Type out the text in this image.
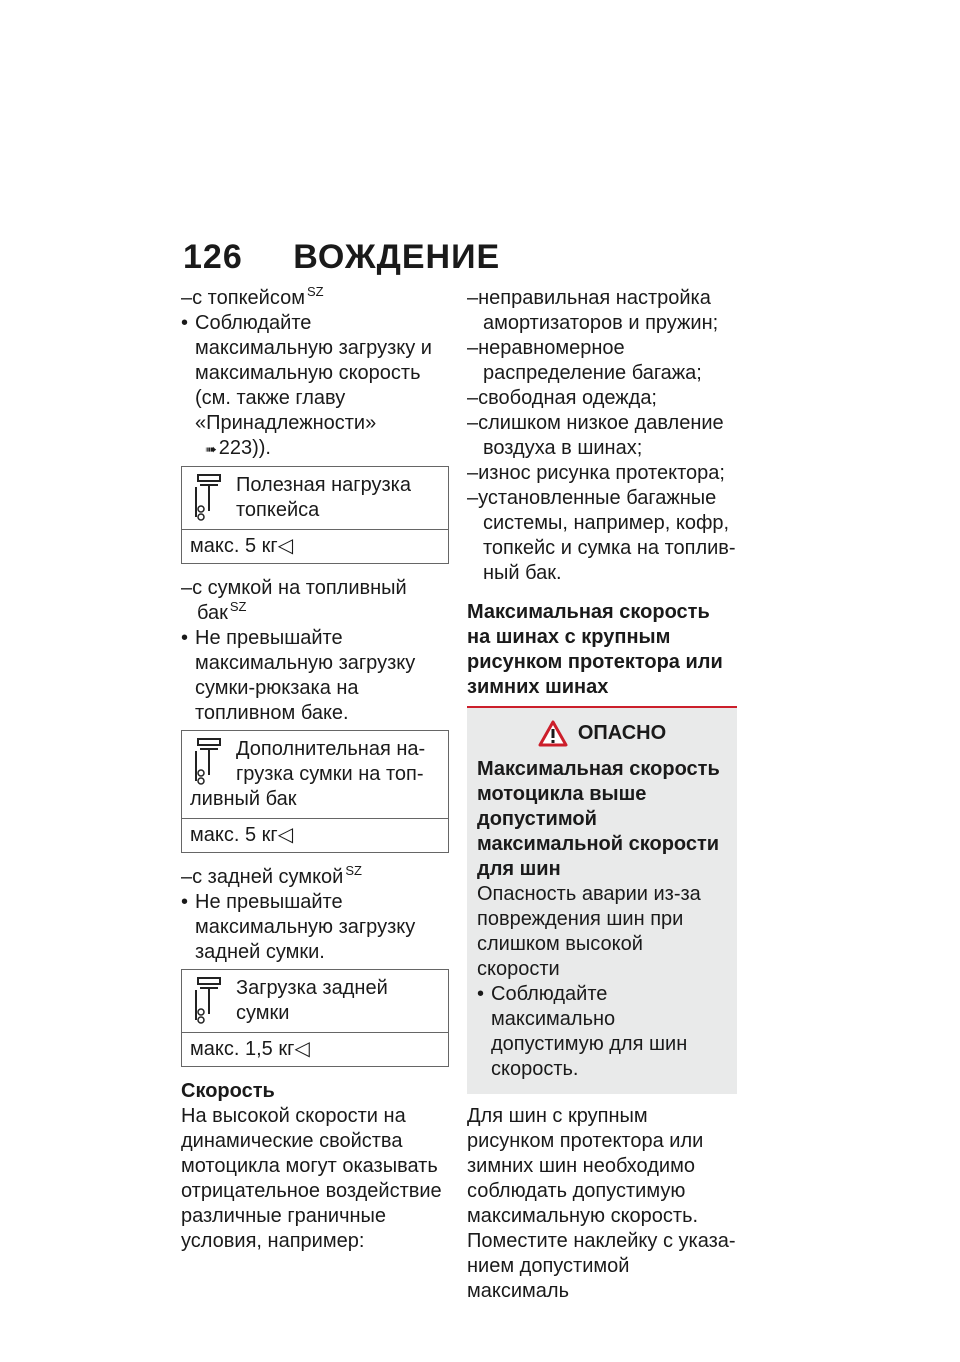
126 ВОЖДЕНИЕ

–с топкейсом $^{SZ}$

• Соблюдайте максимальную загрузку и максимальную скорость (см. также главу «Принадлежности» ➠ 223)).

Полезная нагрузка топкейса
макс. 5 кг◁

–с сумкой на топливный бак $^{SZ}$

• Не превышайте максимальную загрузку сумки-рюкзака на топливном баке.

Дополнительная нагрузка сумки на топливный бак
макс. 5 кг◁

–с задней сумкой $^{SZ}$

• Не превышайте максимальную загрузку задней сумки.

Загрузка задней сумки
макс. 1,5 кг◁
Скорость

На высокой скорости на динамические свойства мотоцикла могут оказывать отрицательное воздействие различные граничные условия, например:

–неправильная настройка амортизаторов и пружин;

–неравномерное распределение багажа;

–свободная одежда;

–слишком низкое давление воздуха в шинах;

–износ рисунка протектора;

–установленные багажные системы, например, кофр, топкейс и сумка на топливный бак.

Максимальная скорость на шинах с крупным рисунком протектора или зимних шинах
ОПАСНО

Максимальная скорость мотоцикла выше допустимой максимальной скорости для шин

Опасность аварии из-за повреждения шин при слишком высокой скорости

• Соблюдайте максимально допустимую для шин скорость.

Для шин с крупным рисунком протектора или зимних шин необходимо соблюдать допустимую максимальную скорость. Поместите наклейку с указанием допустимой максималь
